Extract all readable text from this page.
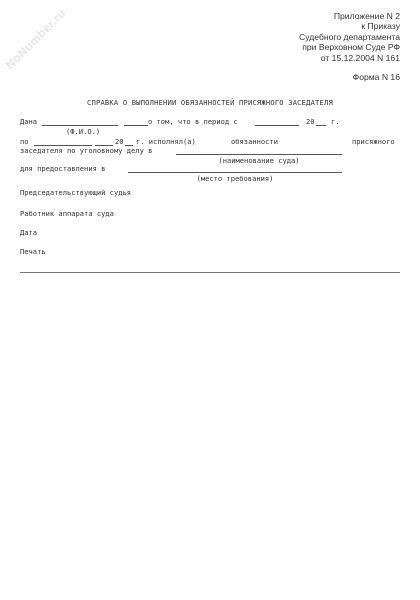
NoNumber.ru	Приложение N 2
к Приказу
Судебного департамента
при Верховном Суде РФ
от 15.12.2004 N 161
Форма N 16
СПРАВКА О ВЫПОЛНЕНИИ ОБЯЗАННОСТЕЙ ПРИСЯЖНОГО ЗАСЕДАТЕЛЯ
Дана	о том, что в период с	20 г.
(Ф.И.О.)
по	20 г. исполнял(а)	обязанности	присяжного
заседателя по уголовному делу в
(наименование суда)
для предоставления в
(место требования)
Председательствующий судья
Работник аппарата суда
Дата
Печать
